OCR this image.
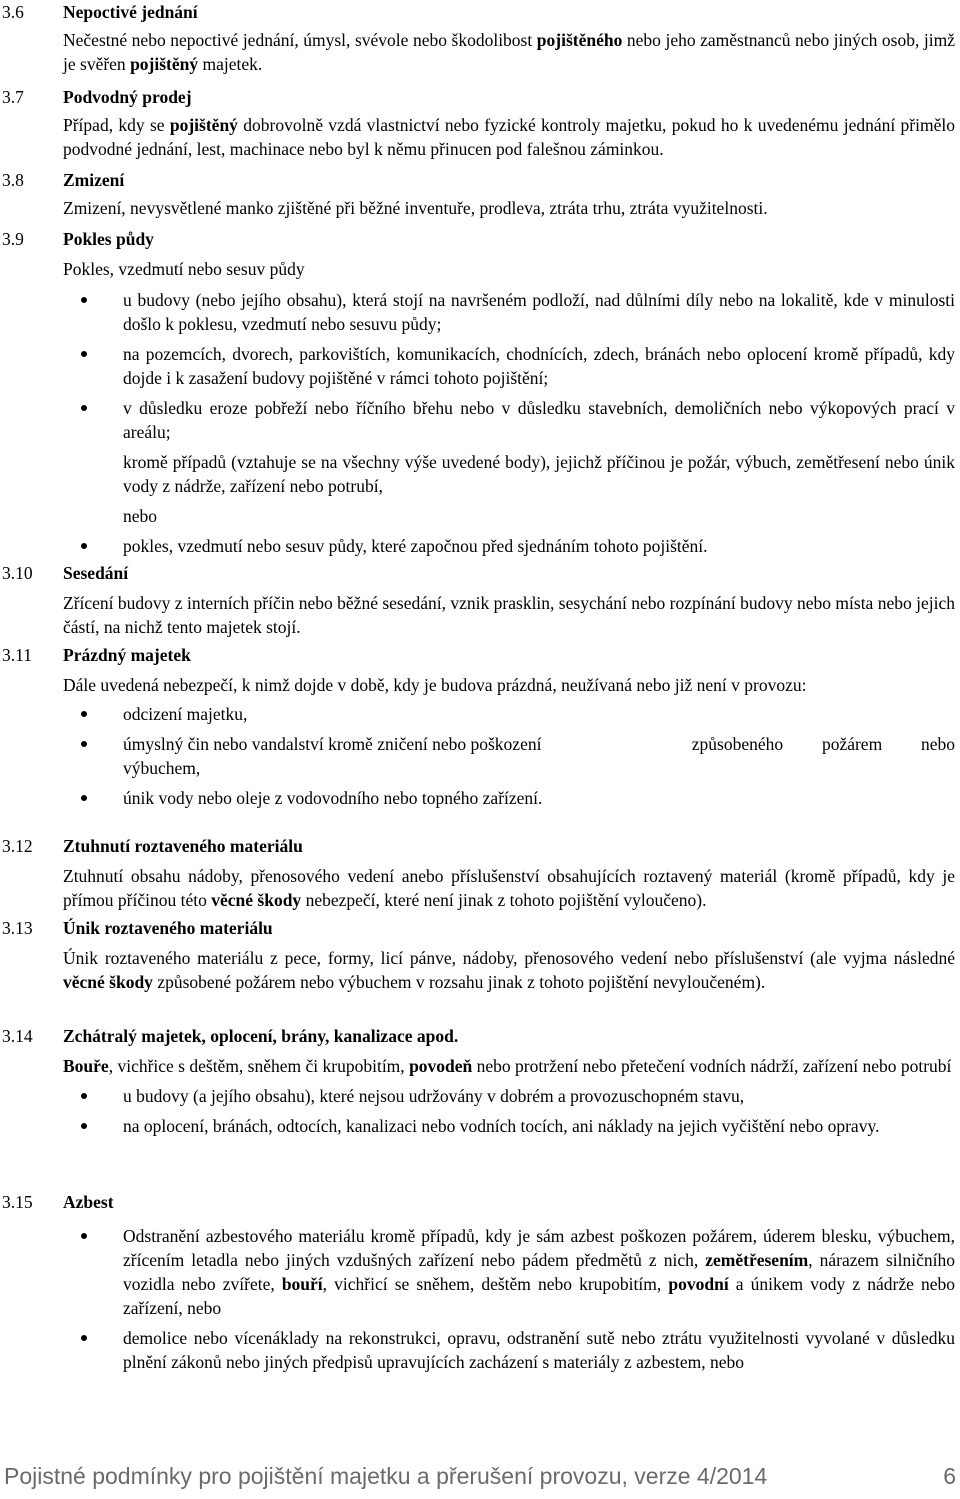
3.6 Nepoctivé jednání

Nečestné nebo nepoctivé jednání, úmysl, svévole nebo škodolibost pojištěného nebo jeho zaměstnanců nebo jiných osob, jimž je svěřen pojištěný majetek.

3.7 Podvodný prodej

Případ, kdy se pojištěný dobrovolně vzdá vlastnictví nebo fyzické kontroly majetku, pokud ho k uvedenému jednání přimělo podvodné jednání, lest, machinace nebo byl k němu přinucen pod falešnou záminkou.

3.8 Zmizení

Zmizení, nevysvětlené manko zjištěné při běžné inventuře, prodleva, ztráta trhu, ztráta využitelnosti.

3.9 Pokles půdy

Pokles, vzedmutí nebo sesuv půdy

u budovy (nebo jejího obsahu), která stojí na navršeném podloží, nad důlními díly nebo na lokalitě, kde v minulosti došlo k poklesu, vzedmutí nebo sesuvu půdy;
na pozemcích, dvorech, parkovištích, komunikacích, chodnících, zdech, bránách nebo oplocení kromě případů, kdy dojde i k zasažení budovy pojištěné v rámci tohoto pojištění;
v důsledku eroze pobřeží nebo říčního břehu nebo v důsledku stavebních, demoličních nebo výkopových prací v areálu;
kromě případů (vztahuje se na všechny výše uvedené body), jejichž příčinou je požár, výbuch, zemětřesení nebo únik vody z nádrže, zařízení nebo potrubí,
nebo
pokles, vzedmutí nebo sesuv půdy, které započnou před sjednáním tohoto pojištění.
3.10 Sesedání

Zřícení budovy z interních příčin nebo běžné sesedání, vznik prasklin, sesychání nebo rozpínání budovy nebo místa nebo jejich částí, na nichž tento majetek stojí.

3.11 Prázdný majetek

Dále uvedená nebezpečí, k nimž dojde v době, kdy je budova prázdná, neužívaná nebo již není v provozu:

odcizení majetku,
úmyslný čin nebo vandalství kromě zničení nebo poškození	způsobeného požárem nebo
výbuchem,
únik vody nebo oleje z vodovodního nebo topného zařízení.
3.12 Ztuhnutí roztaveného materiálu

Ztuhnutí obsahu nádoby, přenosového vedení anebo příslušenství obsahujících roztavený materiál (kromě případů, kdy je přímou příčinou této věcné škody nebezpečí, které není jinak z tohoto pojištění vyloučeno).

3.13 Únik roztaveného materiálu

Únik roztaveného materiálu z pece, formy, licí pánve, nádoby, přenosového vedení nebo příslušenství (ale vyjma následné věcné škody způsobené požárem nebo výbuchem v rozsahu jinak z tohoto pojištění nevyloučeném).

3.14 Zchátralý majetek, oplocení, brány, kanalizace apod.

Bouře, vichřice s deštěm, sněhem či krupobitím, povodeň nebo protržení nebo přetečení vodních nádrží, zařízení nebo potrubí

u budovy (a jejího obsahu), které nejsou udržovány v dobrém a provozuschopném stavu,
na oplocení, bránách, odtocích, kanalizaci nebo vodních tocích, ani náklady na jejich vyčištění nebo opravy.
3.15 Azbest
Odstranění azbestového materiálu kromě případů, kdy je sám azbest poškozen požárem, úderem blesku, výbuchem, zřícením letadla nebo jiných vzdušných zařízení nebo pádem předmětů z nich, zemětřesením, nárazem silničního vozidla nebo zvířete, bouří, vichřicí se sněhem, deštěm nebo krupobitím, povodní a únikem vody z nádrže nebo zařízení, nebo
demolice nebo vícenáklady na rekonstrukci, opravu, odstranění sutě nebo ztrátu využitelnosti vyvolané v důsledku plnění zákonů nebo jiných předpisů upravujících zacházení s materiály z azbestem, nebo
Pojistné podmínky pro pojištění majetku a přerušení provozu, verze 4/2014	6
